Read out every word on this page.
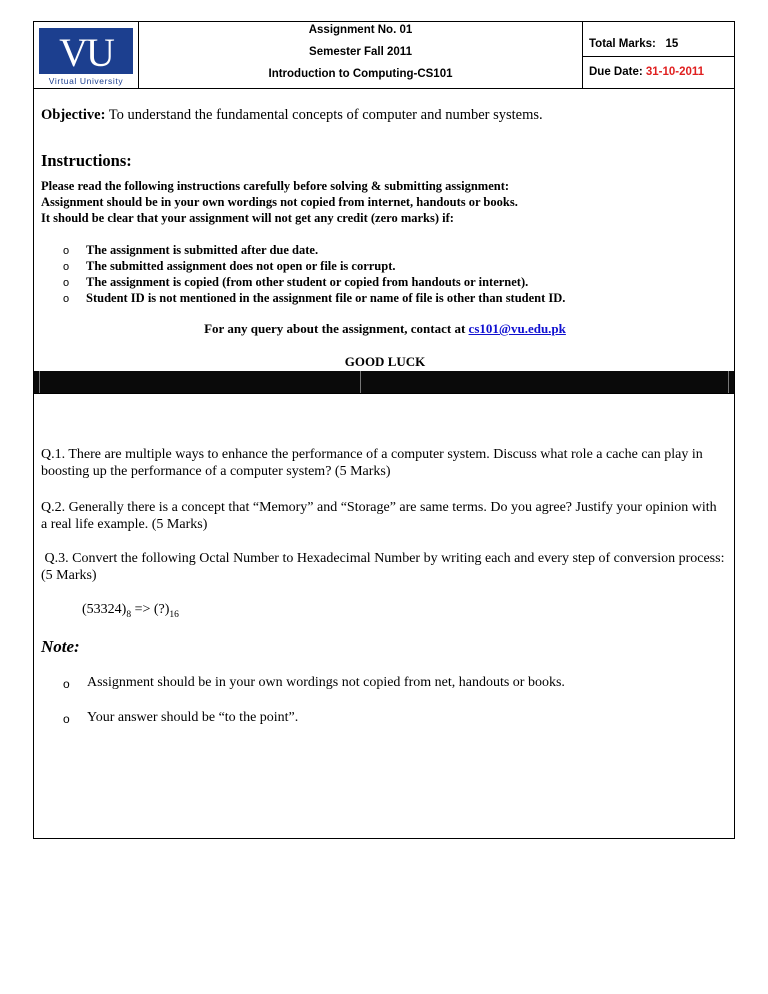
VU
Virtual University
Assignment No. 01
Semester Fall 2011
Introduction to Computing-CS101
Total Marks: 15
Due Date: 31-10-2011
Objective: To understand the fundamental concepts of computer and number systems.
Instructions:
Please read the following instructions carefully before solving & submitting assignment:
Assignment should be in your own wordings not copied from internet, handouts or books.
It should be clear that your assignment will not get any credit (zero marks) if:
o The assignment is submitted after due date.
o The submitted assignment does not open or file is corrupt.
o The assignment is copied (from other student or copied from handouts or internet).
o Student ID is not mentioned in the assignment file or name of file is other than student ID.
For any query about the assignment, contact at cs101@vu.edu.pk
GOOD LUCK
Q.1. There are multiple ways to enhance the performance of a computer system. Discuss what role a cache can play in boosting up the performance of a computer system? (5 Marks)
Q.2. Generally there is a concept that “Memory” and “Storage” are same terms. Do you agree? Justify your opinion with a real life example. (5 Marks)
Q.3. Convert the following Octal Number to Hexadecimal Number by writing each and every step of conversion process: (5 Marks)
$(53324)_8$ => $(?)_{16}$
Note:
o Assignment should be in your own wordings not copied from net, handouts or books.
o Your answer should be “to the point”.
